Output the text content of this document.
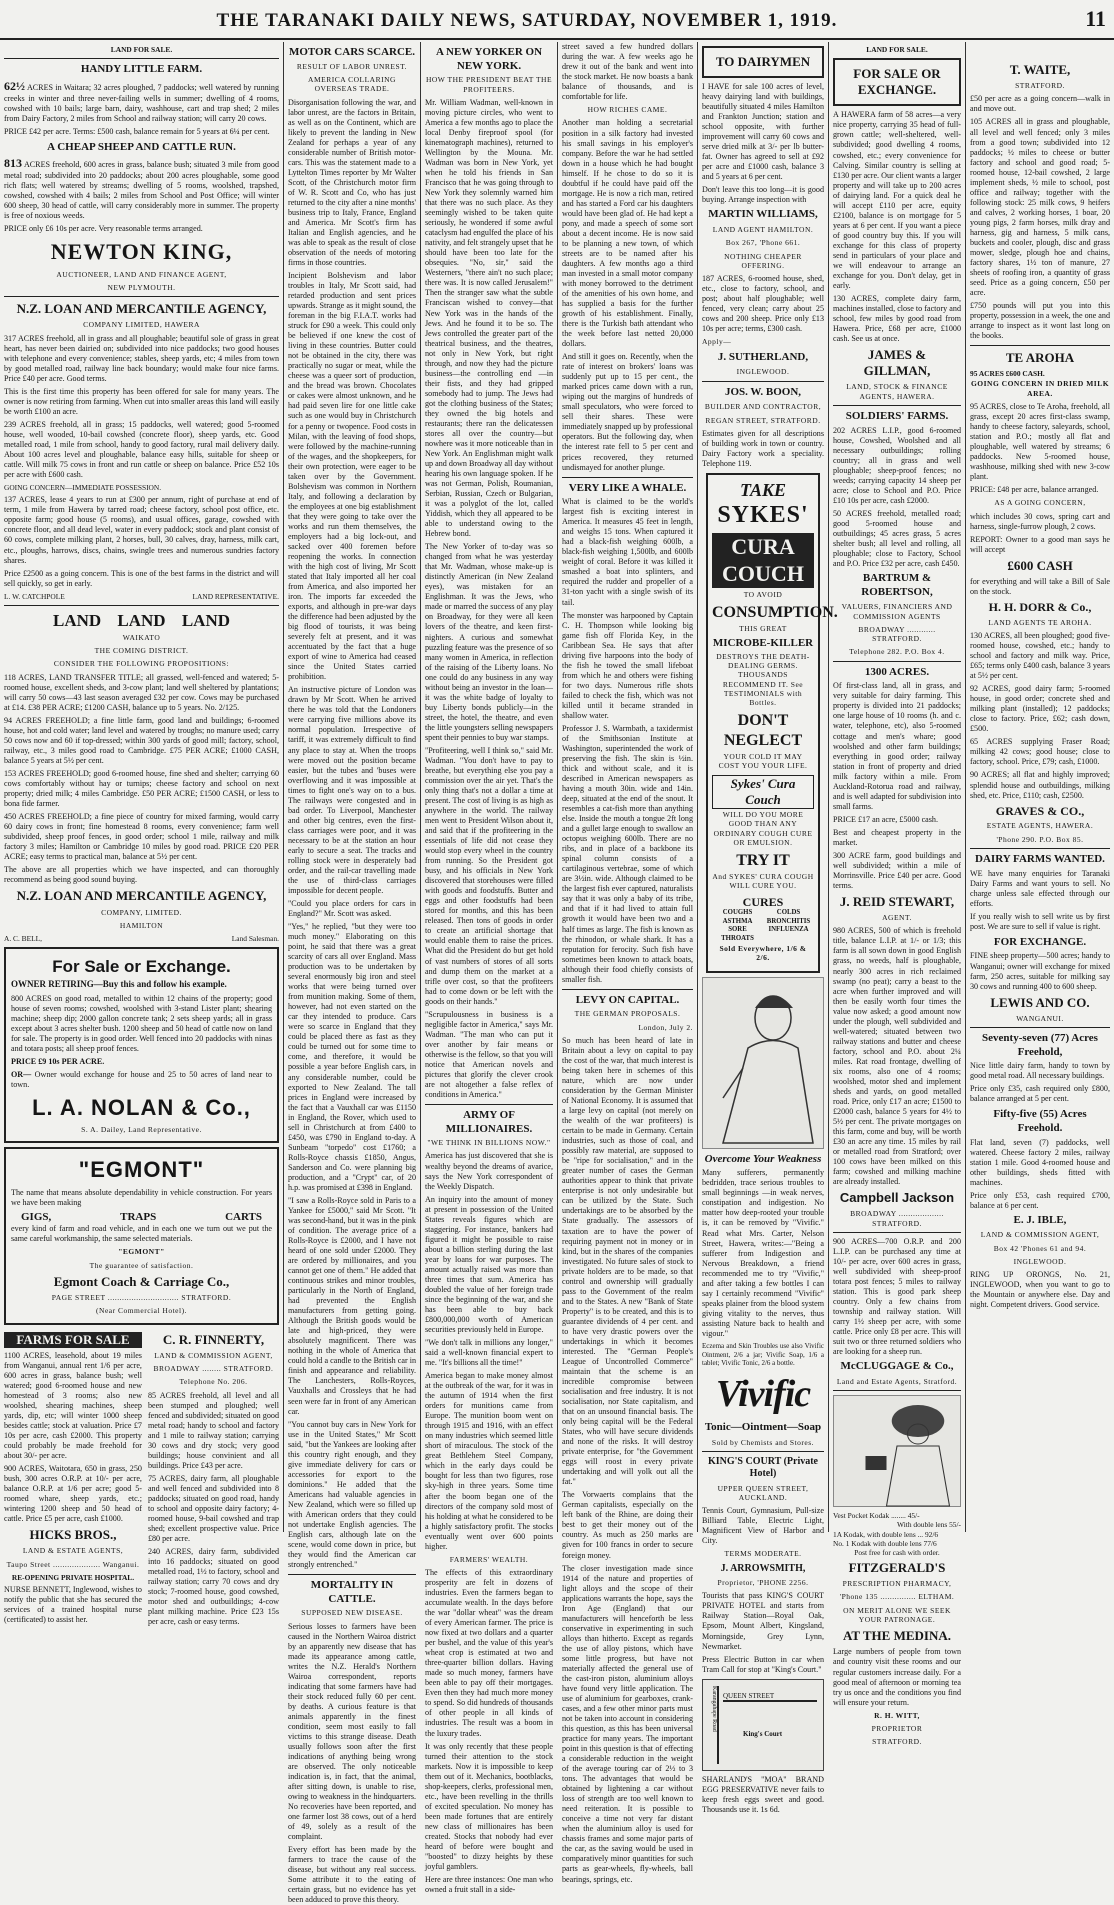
THE TARANAKI DAILY NEWS, SATURDAY, NOVEMBER 1, 1919.	11
LAND FOR SALE.
HANDY LITTLE FARM.

62½ ACRES in Waitara; 32 acres ploughed, 7 paddocks; well watered by running creeks in winter and three never-failing wells in summer; dwelling of 4 rooms, cowshed with 10 bails; large barn, dairy, washhouse, cart and trap shed; 2 miles from Dairy Factory, 2 miles from School and railway station; will carry 20 cows.

PRICE £42 per acre. Terms: £500 cash, balance remain for 5 years at 6¼ per cent.

A CHEAP SHEEP AND CATTLE RUN.

813 ACRES freehold, 600 acres in grass, balance bush; situated 3 mile from good metal road; subdivided into 20 paddocks; about 200 acres ploughable, some good rich flats; well watered by streams; dwelling of 5 rooms, woolshed, trapshed, cowshed, cowshed with 4 bails; 2 miles from School and Post Office; will winter 600 sheep, 30 head of cattle, will carry considerably more in summer. The property is free of noxious weeds.

PRICE only £6 10s per acre. Very reasonable terms arranged.

NEWTON KING,
AUCTIONEER, LAND AND FINANCE AGENT,
NEW PLYMOUTH.
N.Z. LOAN AND MERCANTILE AGENCY,
COMPANY LIMITED, HAWERA

317 ACRES freehold, all in grass and all ploughable; beautiful sole of grass in great heart, has never been dairied on; subdivided into nice paddocks; two good houses with telephone and every convenience; stables, sheep yards, etc; 4 miles from town by good metalled road, railway line back boundary; would make four nice farms. Price £40 per acre. Good terms.

This is the first time this property has been offered for sale for many years. The owner is now retiring from farming. When cut into smaller areas this land will easily be worth £100 an acre.

239 ACRES freehold, all in grass; 15 paddocks, well watered; good 5-roomed house, well wooded, 10-bail cowshed (concrete floor), sheep yards, etc. Good metalled road, 1 mile from school, handy to good factory, rural mail delivery daily. About 100 acres level and ploughable, balance easy hills, suitable for sheep or cattle. Will milk 75 cows in front and run cattle or sheep on balance. Price £52 10s per acre with £600 cash.

GOING CONCERN—IMMEDIATE POSSESSION.

137 ACRES, lease 4 years to run at £300 per annum, right of purchase at end of term, 1 mile from Hawera by tarred road; cheese factory, school post office, etc. opposite farm; good house (5 rooms), and usual offices, garage, cowshed with concrete floor, and all dead level, water in every paddock; stock and plant consist of 60 cows, complete milking plant, 2 horses, bull, 30 calves, dray, harness, milk cart, etc., ploughs, harrows, discs, chains, swingle trees and numerous sundries factory shares.

Price £2500 as a going concern. This is one of the best farms in the district and will sell quickly, so get in early.

L. W. CATCHPOLE	LAND REPRESENTATIVE.
LAND LAND LAND
WAIKATO
THE COMING DISTRICT.
CONSIDER THE FOLLOWING PROPOSITIONS:

118 ACRES, LAND TRANSFER TITLE; all grassed, well-fenced and watered; 5-roomed house, excellent sheds, and 3-cow plant; land well sheltered by plantations; will carry 50 cows—43 last season averaged £32 per cow. Cows may be purchased at £14. £38 PER ACRE; £1200 CASH, balance up to 5 years. No. 2/125.

94 ACRES FREEHOLD; a fine little farm, good land and buildings; 6-roomed house, hot and cold water; land level and watered by troughs; no manure used; carry 50 cows now and 60 if top-dressed; within 300 yards of good mill; factory, school, railway, etc., 3 miles good road to Cambridge. £75 PER ACRE; £1000 CASH, balance 5 years at 5½ per cent.

153 ACRES FREEHOLD; good 6-roomed house, fine shed and shelter; carrying 60 cows comfortably without hay or turnips; cheese factory and school on next property; dried milk; 4 miles Cambridge. £50 PER ACRE; £1500 CASH, or less to bona fide farmer.

450 ACRES FREEHOLD; a fine piece of country for mixed farming, would carry 60 dairy cows in front; fine homestead 8 rooms, every convenience; farm well subdivided, sheep proof fences, in good order; school 1 mile, railway and milk factory 3 miles; Hamilton or Cambridge 10 miles by good road. PRICE £20 PER ACRE; easy terms to practical man, balance at 5½ per cent.

The above are all properties which we have inspected, and can thoroughly recommend as being good sound buying.

N.Z. LOAN AND MERCANTILE AGENCY,
COMPANY, LIMITED.
HAMILTON
A. C. BELL,	Land Salesman.
For Sale or Exchange.

OWNER RETIRING—Buy this and follow his example.

800 ACRES on good road, metalled to within 12 chains of the property; good house of seven rooms; cowshed, woolshed with 3-stand Lister plant; shearing machine; sheep dip; 2000 gallon concrete tank; 2 sets sheep yards; all in grass except about 3 acres shelter bush. 1200 sheep and 50 head of cattle now on land for sale. The property is in good order. Well fenced into 20 paddocks with ninas and totara posts; all sheep proof fences.

PRICE £9 10s PER ACRE.

OR— Owner would exchange for house and 25 to 50 acres of land near to town.

L. A. NOLAN & Co.,
S. A. Dailey, Land Representative.
"EGMONT"

The name that means absolute dependability in vehicle construction. For years we have been making

GIGS,	TRAPS	CARTS

every kind of farm and road vehicle, and in each one we turn out we put the same careful workmanship, the same selected materials.

"EGMONT"
The guarantee of satisfaction.
Egmont Coach & Carriage Co.,
PAGE STREET .............................. STRATFORD.
(Near Commercial Hotel).
FARMS FOR SALE

1100 ACRES, leasehold, about 19 miles from Wanganui, annual rent 1/6 per acre, 600 acres in grass, balance bush; well watered; good 6-roomed house and new homestead of 3 rooms; also new woolshed, shearing machines, sheep yards, dip, etc; will winter 1000 sheep besides cattle; stock at valuation. Price £7 10s per acre, cash £2000. This property could probably be made freehold for about 30/- per acre.

900 ACRES, Waitotara, 650 in grass, 250 bush, 300 acres O.R.P. at 10/- per acre, balance O.R.P. at 1/6 per acre; good 5-roomed whare, sheep yards, etc.; wintering 1200 sheep and 50 head of cattle. Price £5 per acre, cash £1000.

HICKS BROS.,
LAND & ESTATE AGENTS,
Taupo Street .................... Wanganui.
RE-OPENING PRIVATE HOSPITAL.

NURSE BENNETT, Inglewood, wishes to notify the public that she has secured the services of a trained hospital nurse (certificated) to assist her.

C. R. FINNERTY,
LAND & COMMISSION AGENT,
BROADWAY ........ STRATFORD.
Telephone No. 206.

85 ACRES freehold, all level and all been stumped and ploughed; well fenced and subdivided; situated on good metal road; handy to school and factory and 1 mile to railway station; carrying 30 cows and dry stock; very good buildings; house convinient and all buildings. Price £43 per acre.

75 ACRES, dairy farm, all ploughable and well fenced and subdivided into 8 paddocks; situated on good road, handy to school and opposite dairy factory; 4-roomed house, 9-bail cowshed and trap shed; excellent prospective value. Price £80 per acre.

240 ACRES, dairy farm, subdivided into 16 paddocks; situated on good metalled road, 1½ to factory, school and railway station; carry 70 cows and dry stock; 7-roomed house, good cowshed, motor shed and outbuildings; 4-cow plant milking machine. Price £23 15s per acre, cash or easy terms.

MOTOR CARS SCARCE.
RESULT OF LABOR UNREST.
AMERICA COLLARING OVERSEAS TRADE.

Disorganisation following the war, and labor unrest, are the factors in Britain, as well as on the Continent, which are likely to prevent the landing in New Zealand for perhaps a year of any considerable number of British motor-cars. This was the statement made to a Lyttelton Times reporter by Mr Walter Scott, of the Christchurch motor firm of W. R. Scott and Co, who has just returned to the city after a nine months' business trip to Italy, France, England and America. Mr Scott's firm has Italian and English agencies, and he was able to speak as the result of close observation of the needs of motoring firms in those countries.

Incipient Bolshevism and labor troubles in Italy, Mr Scott said, had retarded production and sent prices upwards. Strange as it might sound, the foreman in the big F.I.A.T. works had struck for £90 a week. This could only be believed if one knew the cost of living in these countries. Butter could not be obtained in the city, there was practically no sugar or meat, while the cheese was a queer sort of production, and the bread was brown. Chocolates or cakes were almost unknown, and he had paid seven lire for one little cake such as one would buy in Christchurch for a penny or twopence. Food costs in Milan, with the leaving of food shops, were followed by the machine-running of the wages, and the shopkeepers, for their own protection, were eager to be taken over by the Government. Bolshevism was common in Northern Italy, and following a declaration by the employees at one big establishment that they were going to take over the works and run them themselves, the employers had a big lock-out, and sacked over 400 foremen before reopening the works. In connection with the high cost of living, Mr Scott stated that Italy imported all her coal from America, and also imported her iron. The imports far exceeded the exports, and although in pre-war days the difference had been adjusted by the big flood of tourists, it was being severely felt at present, and it was accentuated by the fact that a huge export of wine to America had ceased since the United States carried prohibition.

An instructive picture of London was drawn by Mr Scott. When he arrived there he was told that the Londoners were carrying five millions above its normal population. Irrespective of tariff, it was extremely difficult to find any place to stay at. When the troops were moved out the position became easier, but the tubes and 'buses were overflowing and it was impossible at times to fight one's way on to a bus. The railways were congested and in bad order. To Liverpool, Manchester and other big centres, even the first-class carriages were poor, and it was necessary to be at the station an hour early to secure a seat. The tracks and rolling stock were in desperately bad order, and the rail-car travelling made the use of third-class carriages impossible for decent people.

"Could you place orders for cars in England?" Mr. Scott was asked.

"Yes," he replied, "but they were too much money." Elaborating on this point, he said that there was a great scarcity of cars all over England. Mass production was to be undertaken by several enormously big iron and steel works that were being turned over from munition making. Some of them, however, had not even started on the car they intended to produce. Cars were so scarce in England that they could be placed there as fast as they could be turned out for some time to come, and therefore, it would be possible a year before English cars, in any considerable number, could be exported to New Zealand. The tall prices in England were increased by the fact that a Vauxhall car was £1150 in England, the Rover, which used to sell in Christchurch at from £400 to £450, was £790 in England to-day. A Sunbeam "torpedo" cost £1760; a Rolls-Royce chassis £1850, Angus, Sanderson and Co. were planning big production, and a "Crypt" car, of 20 h.p. was promised at £398 in England.

"I saw a Rolls-Royce sold in Paris to a Yankee for £5000," said Mr Scott. "It was second-hand, but it was in the pink of condition. The average price of a Rolls-Royce is £2000, and I have not heard of one sold under £2000. They are ordered by millionaires, and you cannot get one of them." He added that continuous strikes and minor troubles, particularly in the North of England, had prevented the English manufacturers from getting going. Although the British goods would be late and high-priced, they were absolutely magnificent. There was nothing in the whole of America that could hold a candle to the British car in finish and appearance and reliability. The Lanchesters, Rolls-Royces, Vauxhalls and Crossleys that he had seen were far in front of any American car.

"You cannot buy cars in New York for use in the United States," Mr Scott said, "but the Yankees are looking after this country right enough, and they give immediate delivery for cars or accessories for export to the dominions." He added that the Americans had valuable agencies in New Zealand, which were so filled up with American orders that they could not undertake English agencies. The English cars, although late on the scene, would come down in price, but they would find the American car strongly entrenched."

MORTALITY IN CATTLE.
SUPPOSED NEW DISEASE.

Serious losses to farmers have been caused in the Northern Wairoa district by an apparently new disease that has made its appearance among cattle, writes the N.Z. Herald's Northern Wairoa correspondent, reports indicating that some farmers have had their stock reduced fully 60 per cent. by deaths. A curious feature is that animals apparently in the finest condition, seem most easily to fall victims to this strange disease. Death usually follows soon after the first indications of anything being wrong are observed. The only noticeable indication is, in fact, that the animal, after sitting down, is unable to rise, owing to weakness in the hindquarters. No recoveries have been reported, and one farmer lost 38 cows, out of a herd of 49, solely as a result of the complaint.

Every effort has been made by the farmers to trace the cause of the disease, but without any real success. Some attribute it to the eating of certain grass, but no evidence has yet been adduced to prove this theory.

A NEW YORKER ON NEW YORK.
HOW THE PRESIDENT BEAT THE PROFITEERS.

Mr. William Wadman, well-known in moving picture circles, who went to America a few months ago to place the local Denby fireproof spool (for kinematograph machines), returned to Wellington by the Mouna. Mr. Wadman was born in New York, yet when he told his friends in San Francisco that he was going through to New York they solemnly warned him that there was no such place. As they seemingly wished to be taken quite seriously, he wondered if some awful cataclysm had engulfed the place of his nativity, and felt strangely upset that he should have been too late for the obsequies. "No, sir," said the Westerners, "there ain't no such place; there was. It is now called Jerusalem!" Then the stranger saw what the subtle Franciscan wished to convey—that New York was in the hands of the Jews. And he found it to be so. The Jews controlled the greater part of the theatrical business, and the theatres, not only in New York, but right through, and now they had the picture business—the controlling end —in their fists, and they had gripped somebody had to jump. The Jews had got the clothing business of the States; they owned the big hotels and restaurants; there ran the delicatessen stores all over the country—but nowhere was it more noticeable than in New York. An Englishman might walk up and down Broadway all day without hearing his own language spoken. If he was not German, Polish, Roumanian, Serbian, Russian, Czech or Bulgarian, it was a polyglot of the lot, called Yiddish, which they all appeared to be able to understand owing to the Hebrew bond.

The New Yorker of to-day was so changed from what he was yesterday that Mr. Wadman, whose make-up is distinctly American (in New Zealand eyes), was mistaken for an Englishman. It was the Jews, who made or marred the success of any play on Broadway, for they were all keen lovers of the theatre, and keen first-nighters. A curious and somewhat puzzling feature was the presence of so many women in America, in reflection of the raising of the Liberty loans. No one could do any business in any way without being an investor in the loan—it was the white badge of loyalty to buy Liberty bonds publicly—in the street, the hotel, the theatre, and even the little youngsters selling newspapers spent their pennies to buy war stamps.

"Profiteering, well I think so," said Mr. Wadman. "You don't have to pay to breathe, but everything else you pay a commission over the air yet. That's the only thing that's not a dollar a time at present. The cost of living is as high as anywhere in the world. The railway men went to President Wilson about it, and said that if the profiteering in the essentials of life did not cease they would stop every wheel in the country from running. So the President got busy, and his officials in New York discovered that storehouses were filled with goods and foodstuffs. Butter and eggs and other foodstuffs had been stored for months, and this has been released. Then tons of goods in order to create an artificial shortage that would enable them to raise the prices. What did the President do but get hold of vast numbers of stores of all sorts and dump them on the market at a trifle over cost, so that the profiteers had to come down or be left with the goods on their hands."

"Scrupulousness in business is a negligible factor in America," says Mr. Wadman. "The man who can put it over another by fair means or otherwise is the fellow, so that you will notice that American novels and pictures that glorify the clever crook are not altogether a false reflex of conditions in America."

ARMY OF MILLIONAIRES.
"WE THINK IN BILLIONS NOW."

America has just discovered that she is wealthy beyond the dreams of avarice, says the New York correspondent of the Weekly Dispatch.

An inquiry into the amount of money at present in possession of the United States reveals figures which are staggering. For instance, bankers had figured it might be possible to raise about a billion sterling during the last year by loans for war purposes. The amount actually raised was more than three times that sum. America has doubled the value of her foreign trade since the beginning of the war, and she has been able to buy back £800,000,000 worth of American securities previously held in Europe.

"We don't talk in millions any longer," said a well-known financial expert to me. "It's billions all the time!"

America began to make money almost at the outbreak of the war, for it was in the autumn of 1914 when the first orders for munitions came from Europe. The munition boom went on through 1915 and 1916, with an effect on many industries which seemed little short of miraculous. The stock of the great Bethlehem Steel Company, which in the early days could be bought for less than two figures, rose sky-high in three years. Some time after the boom began one of the directors of the company sold most of his holding at what he considered to be a highly satisfactory profit. The stocks eventually went over 600 points higher.

FARMERS' WEALTH.

The effects of this extraordinary prosperity are felt in dozens of industries. Even the farmers began to accumulate wealth. In the days before the war "dollar wheat" was the dream of every American farmer. The price is now fixed at two dollars and a quarter per bushel, and the value of this year's wheat crop is estimated at two and three-quarter billion dollars. Having made so much money, farmers have been able to pay off their mortgages. Even then they had much more money to spend. So did hundreds of thousands of other people in all kinds of industries. The result was a boom in the luxury trades.

It was only recently that these people turned their attention to the stock markets. Now it is impossible to keep them out of it. Mechanics, bootblacks, shop-keepers, clerks, professional men, etc., have been revelling in the thrills of excited speculation. No money has been made fortunes that are entirely new class of millionaires has been created. Stocks that nobody had ever heard of before were bought and "boosted" to dizzy heights by these joyful gamblers.

Here are three instances: One man who owned a fruit stall in a side-

street saved a few hundred dollars during the war. A few weeks ago he drew it out of the bank and went into the stock market. He now boasts a bank balance of thousands, and is comfortable for life.

HOW RICHES CAME.

Another man holding a secretarial position in a silk factory had invested his small savings in his employer's company. Before the war he had settled down in a house which he had bought himself. If he chose to do so it is doubtful if he could have paid off the mortgage. He is now a rich man, retired and has started a Ford car his daughters would have been glad of. He had kept a pony, and made a speech of some sort about a decent income. He is now said to be planning a new town, of which streets are to be named after his daughters. A few months ago a third man invested in a small motor company with money borrowed to the detriment of the amenities of his own home, and has supplied a basis for the further growth of his establishment. Finally, there is the Turkish bath attendant who the week before last netted 20,000 dollars.

And still it goes on. Recently, when the rate of interest on brokers' loans was suddenly put up to 15 per cent., the marked prices came down with a run, wiping out the margins of hundreds of small speculators, who were forced to sell their shares. These were immediately snapped up by professional operators. But the following day, when the interest rate fell to 5 per cent and prices recovered, they returned undismayed for another plunge.

VERY LIKE A WHALE.

What is claimed to be the world's largest fish is exciting interest in America. It measures 45 feet in length, and weighs 15 tons. When captured it had a black-fish weighing 600lb, a black-fish weighing 1,500lb, and 600lb weight of coral. Before it was killed it smashed a boat into splinters, and required the rudder and propeller of a 31-ton yacht with a single swish of its tail.

The monster was harpooned by Captain C. H. Thompson while looking big game fish off Florida Key, in the Caribbean Sea. He says that after driving five harpoons into the body of the fish he towed the small lifeboat from which he and others were fishing for two days. Numerous rifle shots failed to check the fish, which was not killed until it became stranded in shallow water.

Professor J. S. Warmbath, a taxidermist of the Smithsonian Institute at Washington, superintended the work of preserving the fish. The skin is ½in. thick and without scale, and it is described in American newspapers as having a mouth 30in. wide and 14in. deep, situated at the end of the snout. It resembles a cat-fish more than anything else. Inside the mouth a tongue 2ft long and a gullet large enough to swallow an octopus weighing 600lb. There are no ribs, and in place of a backbone its spinal column consists of a cartilaginous vertebrae, some of which are 3½in. wide. Although claimed to be the largest fish ever captured, naturalists say that it was only a baby of its tribe, and that if it had lived to attain full growth it would have been two and a half times as large. The fish is known as the rhinodon, or whale shark. It has a reputation for ferocity. Such fish have sometimes been known to attack boats, although their food chiefly consists of smaller fish.

LEVY ON CAPITAL.
THE GERMAN PROPOSALS.
London, July 2.

So much has been heard of late in Britain about a levy on capital to pay the cost of the war, that much interest is being taken here in schemes of this nature, which are now under consideration by the German Minister of National Economy. It is assumed that a large levy on capital (not merely on the wealth of the war profiteers) is certain to be made in Germany. Certain industries, such as those of coal, and possibly raw material, are supposed to be "ripe for socialisation," and in the greater number of cases the German authorities appear to think that private enterprise is not only undesirable but can be utilized by the State. Such undertakings are to be absorbed by the State gradually. The assessors of taxation are to have the power of requiring payment not in money or in kind, but in the shares of the companies investigated. No future sales of stock to private holders are to be made, so that control and ownership will gradually pass to the Government of the realm and to the States. A new "Bank of State Property" is to be created, and this is to guarantee dividends of 4 per cent. and to have very drastic powers over the undertakings in which it becomes interested. The "German People's League of Uncontrolled Commerce" maintain that the scheme is an incredible compromise between socialisation and free industry. It is not socialisation, nor State capitalism, and that on an unsound financial basis. The only being capital will be the Federal States, who will have secure dividends and none of the risks. It will destroy private enterprise, for "the Government eggs will roost in every private undertaking and will yolk out all the fat."

The Vorwaerts complains that the German capitalists, especially on the left bank of the Rhine, are doing their best to get their money out of the country. As much as 250 marks are given for 100 francs in order to secure foreign money.

The closer investigation made since 1914 of the nature and properties of light alloys and the scope of their applications warrants the hope, says the Iron Age (England) that our manufacturers will henceforth be less conservative in experimenting in such alloys than hitherto. Except as regards the use of alloy pistons, which have some little progress, but have not materially affected the general use of the cast-iron piston, aluminium alloys have found very little application. The use of aluminium for gearboxes, crank-cases, and a few other minor parts must not be taken into account in considering this question, as this has been universal practice for many years. The important point in this question is that of effecting a considerable reduction in the weight of the average touring car of 2½ to 3 tons. The advantages that would be obtained by lightening a car without loss of strength are too well known to need reiteration. It is possible to conceive a time not very far distant when the aluminium alloy is used for chassis frames and some major parts of the car, as the saving would be used in comparatively minor quantities for such parts as gear-wheels, fly-wheels, ball bearings, springs, etc.

TO DAIRYMEN

I HAVE for sale 100 acres of level, heavy dairying land with buildings, beautifully situated 4 miles Hamilton and Frankton Junction; station and school opposite, with further improvement will carry 60 cows and serve dried milk at 3/- per lb butter-fat. Owner has agreed to sell at £92 per acre and £1000 cash, balance 3 and 5 years at 6 per cent.

Don't leave this too long—it is good buying. Arrange inspection with

MARTIN WILLIAMS,
LAND AGENT HAMILTON.
Box 267, 'Phone 661.
NOTHING CHEAPER OFFERING.

187 ACRES, 6-roomed house, shed, etc., close to factory, school, and post; about half ploughable; well fenced, very clean; carry about 25 cows and 200 sheep. Price only £13 10s per acre; terms, £300 cash.

Apply—
J. SUTHERLAND,
INGLEWOOD.
JOS. W. BOON,
BUILDER AND CONTRACTOR,
REGAN STREET, STRATFORD.

Estimates given for all descriptions of building work in town or country. Dairy Factory work a speciality. Telephone 119.

TAKE
SYKES'
CURA COUCH
TO AVOID
CONSUMPTION.
THIS GREAT
MICROBE-KILLER
DESTROYS THE DEATH-DEALING GERMS. THOUSANDS RECOMMEND IT. See TESTIMONIALS with Bottles.
DON'T NEGLECT
YOUR COLD IT MAY COST YOU YOUR LIFE.
Sykes' Cura Couch
WILL DO YOU MORE GOOD THAN ANY ORDINARY COUGH CURE OR EMULSION.
TRY IT
And SYKES' CURA COUGH WILL CURE YOU.
CURES
COUGHS	COLDS
ASTHMA	BRONCHITIS
SORE THROATS
INFLUENZA
Sold Everywhere, 1/6 & 2/6.
Overcome Your Weakness

Many sufferers, permanently bedridden, trace serious troubles to small beginnings —in weak nerves, constipation and indigestion. No matter how deep-rooted your trouble is, it can be removed by "Vivific." Read what Mrs. Carter, Nelson Street, Hawera, writes:—"Being a sufferer from Indigestion and Nervous Breakdown, a friend recommended me to try "Vivific," and after taking a few bottles I can say I certainly recommend "Vivific" speaks plainer from the blood system giving vitality to the nerves, thus assisting Nature back to health and vigour."

Eczema and Skin Troubles use also Vivific Ointment, 2/6 a jar; Vivific Soap, 1/6 a tablet; Vivific Tonic, 2/6 a bottle.

Vivific
Tonic—Ointment—Soap
Sold by Chemists and Stores.
KING'S COURT (Private Hotel)
UPPER QUEEN STREET, AUCKLAND.

Tennis Court, Gymnasium, Pull-size Billiard Table, Electric Light, Magnificent View of Harbor and City.

TERMS MODERATE.
J. ARROWSMITH,
Proprietor, 'PHONE 2256.

Tourists that pass KING'S COURT PRIVATE HOTEL and starts from Railway Station—Royal Oak, Epsom, Mount Albert, Kingsland, Morningside, Grey Lynn, Newmarket.

Press Electric Button in car when Tram Call for stop at "King's Court."

QUEEN STREET
Karangahape Road
King's Court

SHARLAND'S "MOA" BRAND EGG PRESERVATIVE never fails to keep fresh eggs sweet and good. Thousands use it. 1s 6d.

LAND FOR SALE.
FOR SALE OR EXCHANGE.

A HAWERA farm of 58 acres—a very nice property, carrying 35 head of full-grown cattle; well-sheltered, well-subdivided; good dwelling 4 rooms, cowshed, etc.; every convenience for Calving. Similar country is selling at £130 per acre. Our client wants a larger property and will take up to 200 acres of dairying land. For a quick deal he will accept £110 per acre, equity £2100, balance is on mortgage for 5 years at 6 per cent. If you want a piece of good country buy this. If you will exchange for this class of property send in particulars of your place and we will endeavour to arrange an exchange for you. Don't delay, get in early.

130 ACRES, complete dairy farm, machines installed, close to factory and school, few miles by good road from Hawera. Price, £68 per acre, £1000 cash. See us at once.

JAMES & GILLMAN,
LAND, STOCK & FINANCE AGENTS, HAWERA.
SOLDIERS' FARMS.

202 ACRES L.I.P., good 6-roomed house, Cowshed, Woolshed and all necessary outbuildings; rolling country; all in grass and well ploughable; sheep-proof fences; no weeds; carrying capacity 14 sheep per acre; close to School and P.O. Price £10 10s per acre, cash £2000.

50 ACRES freehold, metalled road; good 5-roomed house and outbuildings; 45 acres grass, 5 acres shelter bush; all level and rolling, all ploughable; close to Factory, School and P.O. Price £32 per acre, cash £450.

BARTRUM & ROBERTSON,
VALUERS, FINANCIERS AND COMMISSION AGENTS
BROADWAY ............ STRATFORD.
Telephone 282. P.O. Box 4.
1300 ACRES.

Of first-class land, all in grass, and very suitable for dairy farming. This property is divided into 21 paddocks; one large house of 10 rooms (h. and c. water, telephone, etc), also 5-roomed cottage and men's whare; good woolshed and other farm buildings; everything in good order; railway station in front of property and dried milk factory within a mile. From Auckland-Rotorua road and railway, and is well adapted for subdivision into small farms.

PRICE £17 an acre, £5000 cash.

Best and cheapest property in the market.

300 ACRE farm, good buildings and well subdivided; within a mile of Morrinsville. Price £40 per acre. Good terms.

J. REID STEWART,
AGENT.

980 ACRES, 500 of which is freehold title, balance L.I.P. at 1/- or 1/3; this farm is all sown down in good English grass, no weeds, half is ploughable, nearly 300 acres in rich reclaimed swamp (no peat); carry a beast to the acre when further improved and will then be easily worth four times the value now asked; a good amount now under the plough, well subdivided and well-watered; situated between two railway stations and butter and cheese factory, school and P.O. about 2¼ miles. Rat road frontage, dwelling of six rooms, also one of 4 rooms; woolshed, motor shed and implement sheds and yards, on good metalled road. Price, only £17 an acre; £1500 to £2000 cash, balance 5 years for 4½ to 5½ per cent. The private mortgages on this farm, come and buy, will be worth £30 an acre any time. 15 miles by rail or metalled road from Stratford; over 100 cows have been milked on this farm; cowshed and milking machine are already installed.

Campbell Jackson
BROADWAY ................... STRATFORD.

900 ACRES—700 O.R.P. and 200 L.I.P. can be purchased any time at 10/- per acre, over 600 acres in grass, well subdivided with sheep-proof totara post fences; 5 miles to railway station. This is good park sheep country. Only a few chains from township and railway station. Will carry 1½ sheep per acre, with some cattle. Price only £8 per acre. This will suit two or three returned soldiers who are looking for a sheep run.

McCLUGGAGE & Co.,
Land and Estate Agents, Stratford.
Vest Pocket Kodak ........ 45/-
With double lens 55/-
1A Kodak, with double lens ... 92/6
No. 1 Kodak with double lens 77/6
Post free for cash with order.
FITZGERALD'S
PRESCRIPTION PHARMACY,
'Phone 135 ............... ELTHAM.
ON MERIT ALONE WE SEEK YOUR PATRONAGE.
AT THE MEDINA.

Large numbers of people from town and country visit these rooms and our regular customers increase daily. For a good meal of afternoon or morning tea try us once and the conditions you find will ensure your return.

R. H. WITT,
PROPRIETOR
STRATFORD.
T. WAITE,
STRATFORD.

£50 per acre as a going concern—walk in and move out.

105 ACRES all in grass and ploughable, all level and well fenced; only 3 miles from a good town; subdivided into 12 paddocks; ½ miles to cheese or butter factory and school and good road; 5-roomed house, 12-bail cowshed, 2 large implement sheds, ½ mile to school, post office and railway; together with the following stock: 25 milk cows, 9 heifers and calves, 2 working horses, 1 boar, 20 young pigs, 2 farm horses, milk dray and harness, gig and harness, 5 milk cans, buckets and cooler, plough, disc and grass mower, sledge, plough hoe and chains, factory shares, 1½ ton of manure, 27 sheets of roofing iron, a quantity of grass seed. Price as a going concern, £50 per acre.

£750 pounds will put you into this property, possession in a week, the one and arrange to inspect as it wont last long on the books.

TE AROHA
95 ACRES £600 CASH.
GOING CONCERN IN DRIED MILK AREA.

95 ACRES, close to Te Aroha, freehold, all grass, except 20 acres first-class swamp, handy to cheese factory, saleyards, school, station and P.O.; mostly all flat and ploughable, well watered by streams; 6 paddocks. New 5-roomed house, washhouse, milking shed with new 3-cow plant.

PRICE: £48 per acre, balance arranged.

AS A GOING CONCERN,

which includes 30 cows, spring cart and harness, single-furrow plough, 2 cows.

REPORT: Owner to a good man says he will accept

£600 CASH

for everything and will take a Bill of Sale on the stock.

H. H. DORR & Co.,
LAND AGENTS TE AROHA.

130 ACRES, all been ploughed; good five-roomed house, cowshed, etc.; handy to school and factory and milk way. Price, £65; terms only £400 cash, balance 3 years at 5½ per cent.

92 ACRES, good dairy farm; 5-roomed house, in good order; concrete shed and milking plant (installed); 12 paddocks; close to factory. Price, £62; cash down, £500.

65 ACRES supplying Fraser Road; milking 42 cows; good house; close to factory, school. Price, £79; cash, £1000.

90 ACRES; all flat and highly improved; splendid house and outbuildings, milking shed, etc. Price, £110; cash, £2500.

GRAVES & CO.,
ESTATE AGENTS, HAWERA.
'Phone 290. P.O. Box 85.
DAIRY FARMS WANTED.

WE have many enquiries for Taranaki Dairy Farms and want yours to sell. No charge unless sale effected through our efforts.

If you really wish to sell write us by first post. We are sure to sell if value is right.

FOR EXCHANGE.

FINE sheep property—500 acres; handy to Wanganui; owner will exchange for mixed farm, 250 acres, suitable for milking say 30 cows and running 400 to 600 sheep.

LEWIS AND CO.
WANGANUI.
Seventy-seven (77) Acres Freehold,

Nice little dairy farm, handy to town by good metal road. All necessary buildings.

Price only £35, cash required only £800, balance arranged at 5 per cent.

Fifty-five (55) Acres Freehold.

Flat land, seven (7) paddocks, well watered. Cheese factory 2 miles, railway station 1 mile. Good 4-roomed house and other buildings, sheds fitted with machines.

Price only £53, cash required £700, balance at 6 per cent.

E. J. IBLE,
LAND & COMMISSION AGENT,
Box 42 'Phones 61 and 94.
INGLEWOOD.

RING UP ORONGS, No. 21, INGLEWOOD, when you want to go to the Mountain or anywhere else. Day and night. Competent drivers. Good service.
